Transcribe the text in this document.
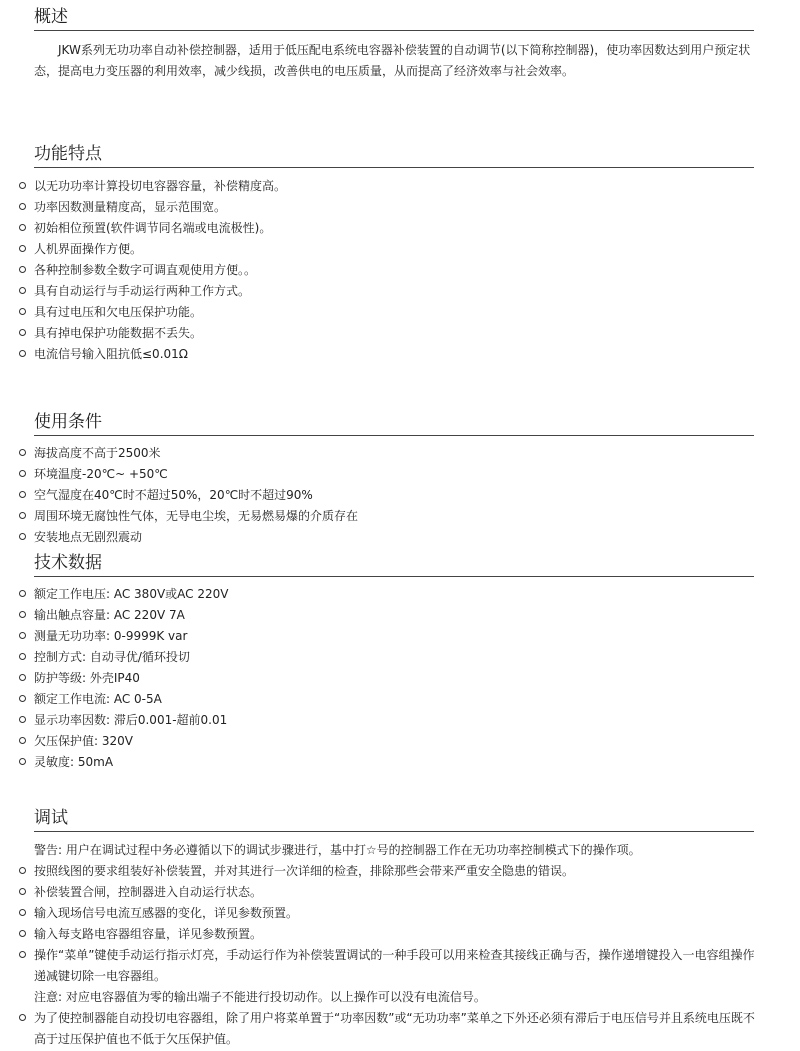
概述
JKW系列无功功率自动补偿控制器，适用于低压配电系统电容器补偿装置的自动调节(以下简称控制器)，使功率因数达到用户预定状态，提高电力变压器的利用效率，减少线损，改善供电的电压质量，从而提高了经济效率与社会效率。
功能特点
以无功功率计算投切电容器容量，补偿精度高。
功率因数测量精度高，显示范围宽。
初始相位预置(软件调节同名端或电流极性)。
人机界面操作方便。
各种控制参数全数字可调直观使用方便。。
具有自动运行与手动运行两种工作方式。
具有过电压和欠电压保护功能。
具有掉电保护功能数据不丢失。
电流信号输入阻抗低≤0.01Ω
使用条件
海拔高度不高于2500米
环境温度-20℃~ +50℃
空气湿度在40℃时不超过50%，20℃时不超过90%
周围环境无腐蚀性气体，无导电尘埃，无易燃易爆的介质存在
安装地点无剧烈震动
技术数据
额定工作电压: AC 380V或AC 220V
输出触点容量: AC 220V 7A
测量无功功率: 0-9999K var
控制方式: 自动寻优/循环投切
防护等级: 外壳IP40
额定工作电流: AC 0-5A
显示功率因数: 滞后0.001-超前0.01
欠压保护值: 320V
灵敏度: 50mA
调试
警告: 用户在调试过程中务必遵循以下的调试步骤进行，基中打☆号的控制器工作在无功功率控制模式下的操作项。
按照线图的要求组装好补偿装置，并对其进行一次详细的检查，排除那些会带来严重安全隐患的错误。
补偿装置合闸，控制器进入自动运行状态。
输入现场信号电流互感器的变化，详见参数预置。
输入每支路电容器组容量，详见参数预置。
操作“菜单”键使手动运行指示灯亮，手动运行作为补偿装置调试的一种手段可以用来检查其接线正确与否，操作递增键投入一电容组操作递减键切除一电容器组。
注意: 对应电容器值为零的输出端子不能进行投切动作。以上操作可以没有电流信号。
为了使控制器能自动投切电容器组，除了用户将菜单置于“功率因数”或“无功功率”菜单之下外还必须有滞后于电压信号并且系统电压既不高于过压保护值也不低于欠压保护值。
